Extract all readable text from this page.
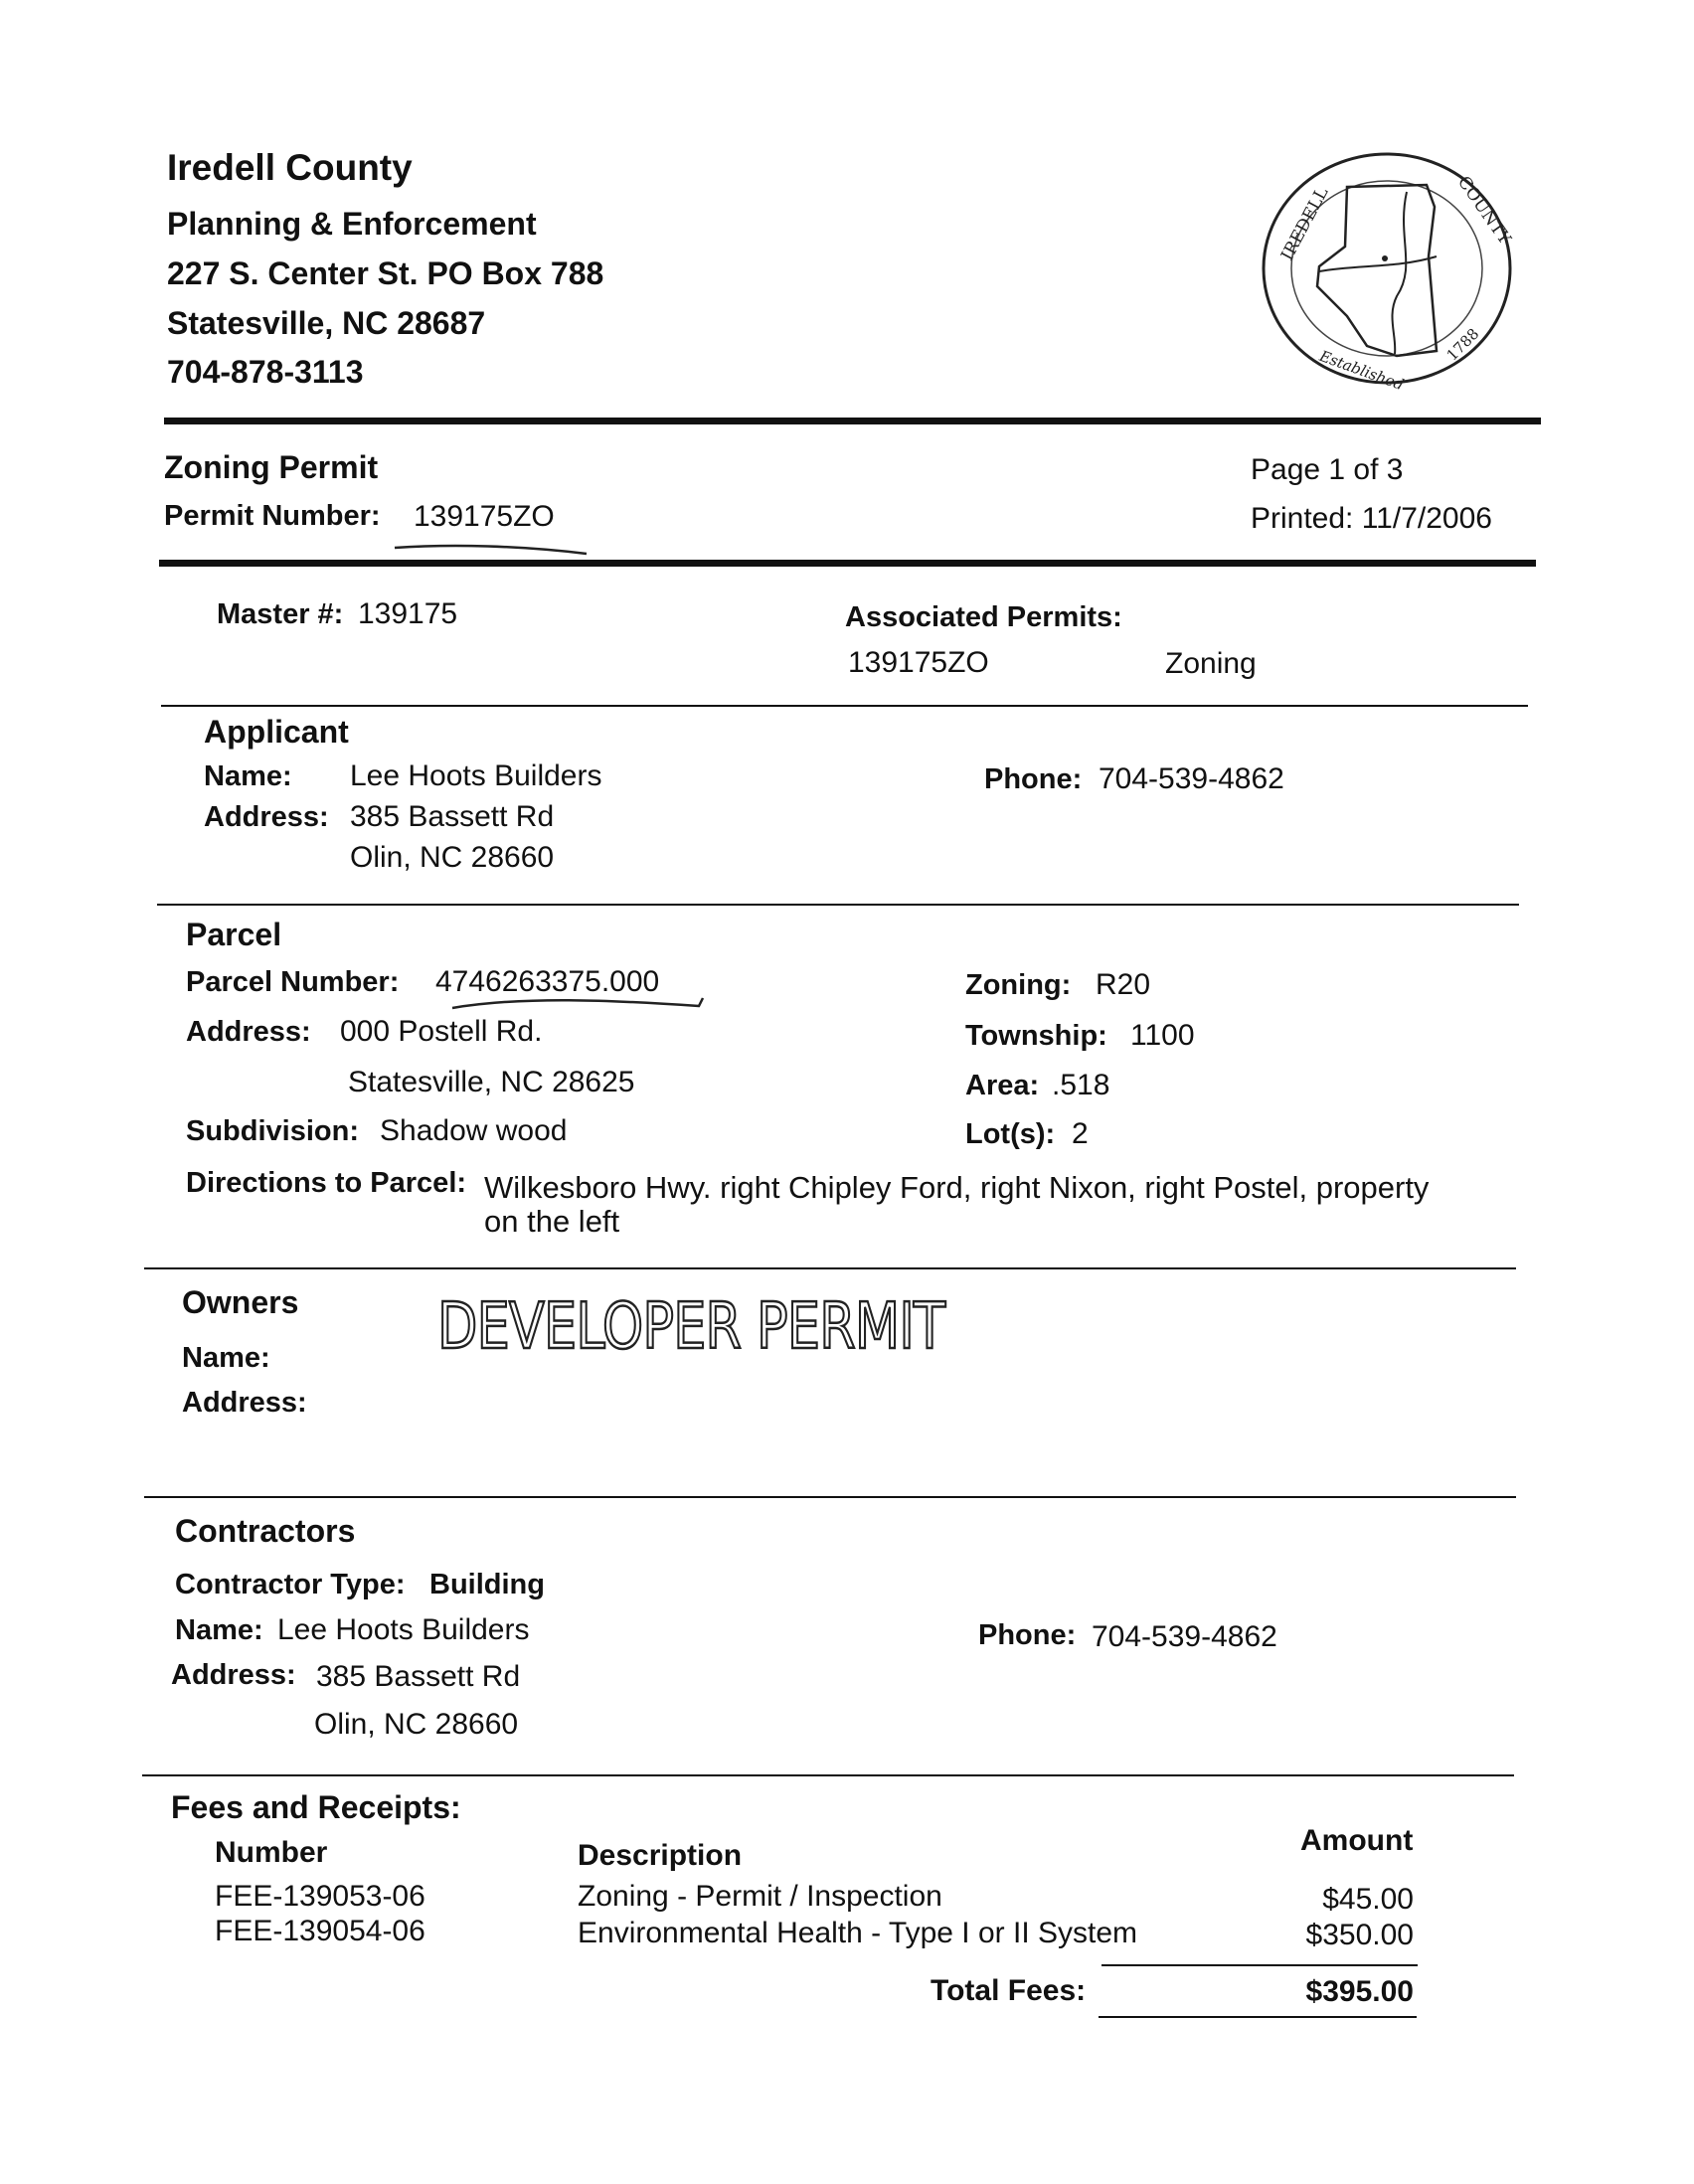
Iredell County
Planning & Enforcement
227 S. Center St. PO Box 788
Statesville, NC 28687
704-878-3113
IREDELL	COUNTY
Established
1788
Zoning Permit
Permit Number: 139175ZO
Page 1 of 3
Printed: 11/7/2006
Master #: 139175	Associated Permits:
139175ZO	Zoning
Applicant
Name: Lee Hoots Builders
Address: 385 Bassett Rd
Olin, NC 28660
Phone: 704-539-4862
Parcel
Parcel Number: 4746263375.000
Address: 000 Postell Rd.
Statesville, NC 28625
Subdivision: Shadow wood
Zoning: R20
Township: 1100
Area: .518
Lot(s): 2
Directions to Parcel: Wilkesboro Hwy. right Chipley Ford, right Nixon, right Postel, property
on the left
Owners
Name:
Address:
DEVELOPER PERMIT
Contractors
Contractor Type: Building
Name: Lee Hoots Builders
Address: 385 Bassett Rd
Olin, NC 28660
Phone: 704-539-4862
Fees and Receipts:
Number	Description	Amount
FEE-139053-06	Zoning - Permit / Inspection	$45.00
FEE-139054-06	Environmental Health - Type I or II System	$350.00
Total Fees:	$395.00
